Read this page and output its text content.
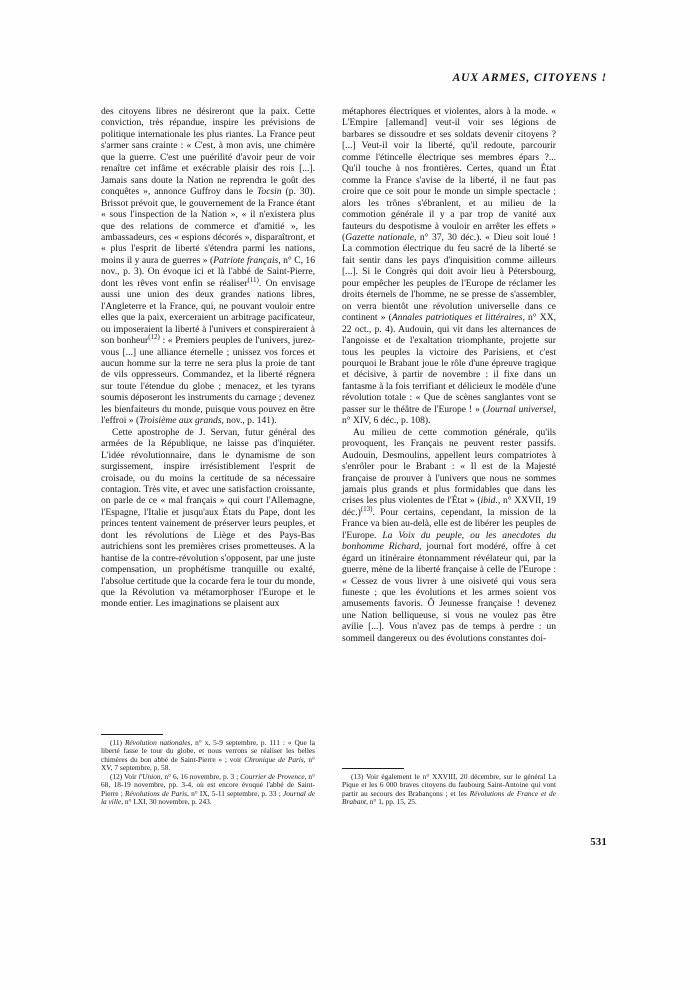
AUX ARMES, CITOYENS !

des citoyens libres ne désireront que la paix. Cette conviction, très répandue, inspire les prévisions de politique internationale les plus riantes. La France peut s'armer sans crainte : « C'est, à mon avis, une chimère que la guerre. C'est une puérilité d'avoir peur de voir renaître cet infâme et exécrable plaisir des rois [...]. Jamais sans doute la Nation ne reprendra le goût des conquêtes », annonce Guffroy dans le Tocsin (p. 30). Brissot prévoit que, le gouvernement de la France étant « sous l'inspection de la Nation », « il n'existera plus que des relations de commerce et d'amitié », les ambassadeurs, ces « espions décorés », disparaîtront, et « plus l'esprit de liberté s'étendra parmi les nations, moins il y aura de guerres » (Patriote français, n° C, 16 nov., p. 3). On évoque ici et là l'abbé de Saint-Pierre, dont les rêves vont enfin se réaliser$^{(11)}$. On envisage aussi une union des deux grandes nations libres, l'Angleterre et la France, qui, ne pouvant vouloir entre elles que la paix, exerceraient un arbitrage pacificateur, ou imposeraient la liberté à l'univers et conspireraient à son bonheur$^{(12)}$ : « Premiers peuples de l'univers, jurez-vous [...] une alliance éternelle ; unissez vos forces et aucun homme sur la terre ne sera plus la proie de tant de vils oppresseurs. Commandez, et la liberté régnera sur toute l'étendue du globe ; menacez, et les tyrans soumis déposeront les instruments du carnage ; devenez les bienfaiteurs du monde, puisque vous pouvez en être l'effroi » (Troisième aux grands, nov., p. 141).

Cette apostrophe de J. Servan, futur général des armées de la République, ne laisse pas d'inquiéter. L'idée révolutionnaire, dans le dynamisme de son surgissement, inspire irrésistiblement l'esprit de croisade, ou du moins la certitude de sa nécessaire contagion. Très vite, et avec une satisfaction croissante, on parle de ce « mal français » qui court l'Allemagne, l'Espagne, l'Italie et jusqu'aux États du Pape, dont les princes tentent vainement de préserver leurs peuples, et dont les révolutions de Liège et des Pays-Bas autrichiens sont les premières crises prometteuses. A la hantise de la contre-révolution s'opposent, par une juste compensation, un prophétisme tranquille ou exalté, l'absolue certitude que la cocarde fera le tour du monde, que la Révolution va métamorphoser l'Europe et le monde entier. Les imaginations se plaisent aux

métaphores électriques et violentes, alors à la mode. « L'Empire [allemand] veut-il voir ses légions de barbares se dissoudre et ses soldats devenir citoyens ? [...] Veut-il voir la liberté, qu'il redoute, parcourir comme l'étincelle électrique ses membres épars ?... Qu'il touche à nos frontières. Certes, quand un État comme la France s'avise de la liberté, il ne faut pas croire que ce soit pour le monde un simple spectacle ; alors les trônes s'ébranlent, et au milieu de la commotion générale il y a par trop de vanité aux fauteurs du despotisme à vouloir en arrêter les effets » (Gazette nationale, n° 37, 30 déc.). « Dieu soit loué ! La commotion électrique du feu sacré de la liberté se fait sentir dans les pays d'inquisition comme ailleurs [...]. Si le Congrès qui doit avoir lieu à Pétersbourg, pour empêcher les peuples de l'Europe de réclamer les droits éternels de l'homme, ne se presse de s'assembler, on verra bientôt une révolution universelle dans ce continent » (Annales patriotiques et littéraires, n° XX, 22 oct., p. 4). Audouin, qui vit dans les alternances de l'angoisse et de l'exaltation triomphante, projette sur tous les peuples la victoire des Parisiens, et c'est pourquoi le Brabant joue le rôle d'une épreuve tragique et décisive, à partir de novembre : il fixe dans un fantasme à la fois terrifiant et délicieux le modèle d'une révolution totale : « Que de scènes sanglantes vont se passer sur le théâtre de l'Europe ! » (Journal universel, n° XIV, 6 déc., p. 108).

Au milieu de cette commotion générale, qu'ils provoquent, les Français ne peuvent rester passifs. Audouin, Desmoulins, appellent leurs compatriotes à s'enrôler pour le Brabant : « Il est de la Majesté française de prouver à l'univers que nous ne sommes jamais plus grands et plus formidables que dans les crises les plus violentes de l'État » (ibid., n° XXVII, 19 déc.)$^{(13)}$. Pour certains, cependant, la mission de la France va bien au-delà, elle est de libérer les peuples de l'Europe. La Voix du peuple, ou les anecdotes du bonhomme Richard, journal fort modéré, offre à cet égard un itinéraire étonnamment révélateur qui, par la guerre, mène de la liberté française à celle de l'Europe : « Cessez de vous livrer à une oisiveté qui vous sera funeste ; que les évolutions et les armes soient vos amusements favoris. Ô Jeunesse française ! devenez une Nation belliqueuse, si vous ne voulez pas être avilie [...]. Vous n'avez pas de temps à perdre : un sommeil dangereux ou des évolutions constantes doi-

(11) Révolution nationales, n° x, 5-9 septembre, p. 111 : « Que la liberté fasse le tour du globe, et nous verrons se réaliser les belles chimères du bon abbé de Saint-Pierre » ; voir Chronique de Paris, n° XV, 7 septembre, p. 58.

(12) Voir l'Union, n° 6, 16 novembre, p. 3 ; Courrier de Provence, n° 68, 18-19 novembre, pp. 3-4, où est encore évoqué l'abbé de Saint-Pierre ; Révolutions de Paris, n° IX, 5-11 septembre, p. 33 ; Journal de la ville, n° LXI, 30 novembre, p. 243.

(13) Voir également le n° XXVIII, 20 décembre, sur le général La Pique et les 6 000 braves citoyens du faubourg Saint-Antoine qui vont partir au secours des Brabançons ; et les Révolutions de France et de Brabant, n° 1, pp. 15, 25.

531
